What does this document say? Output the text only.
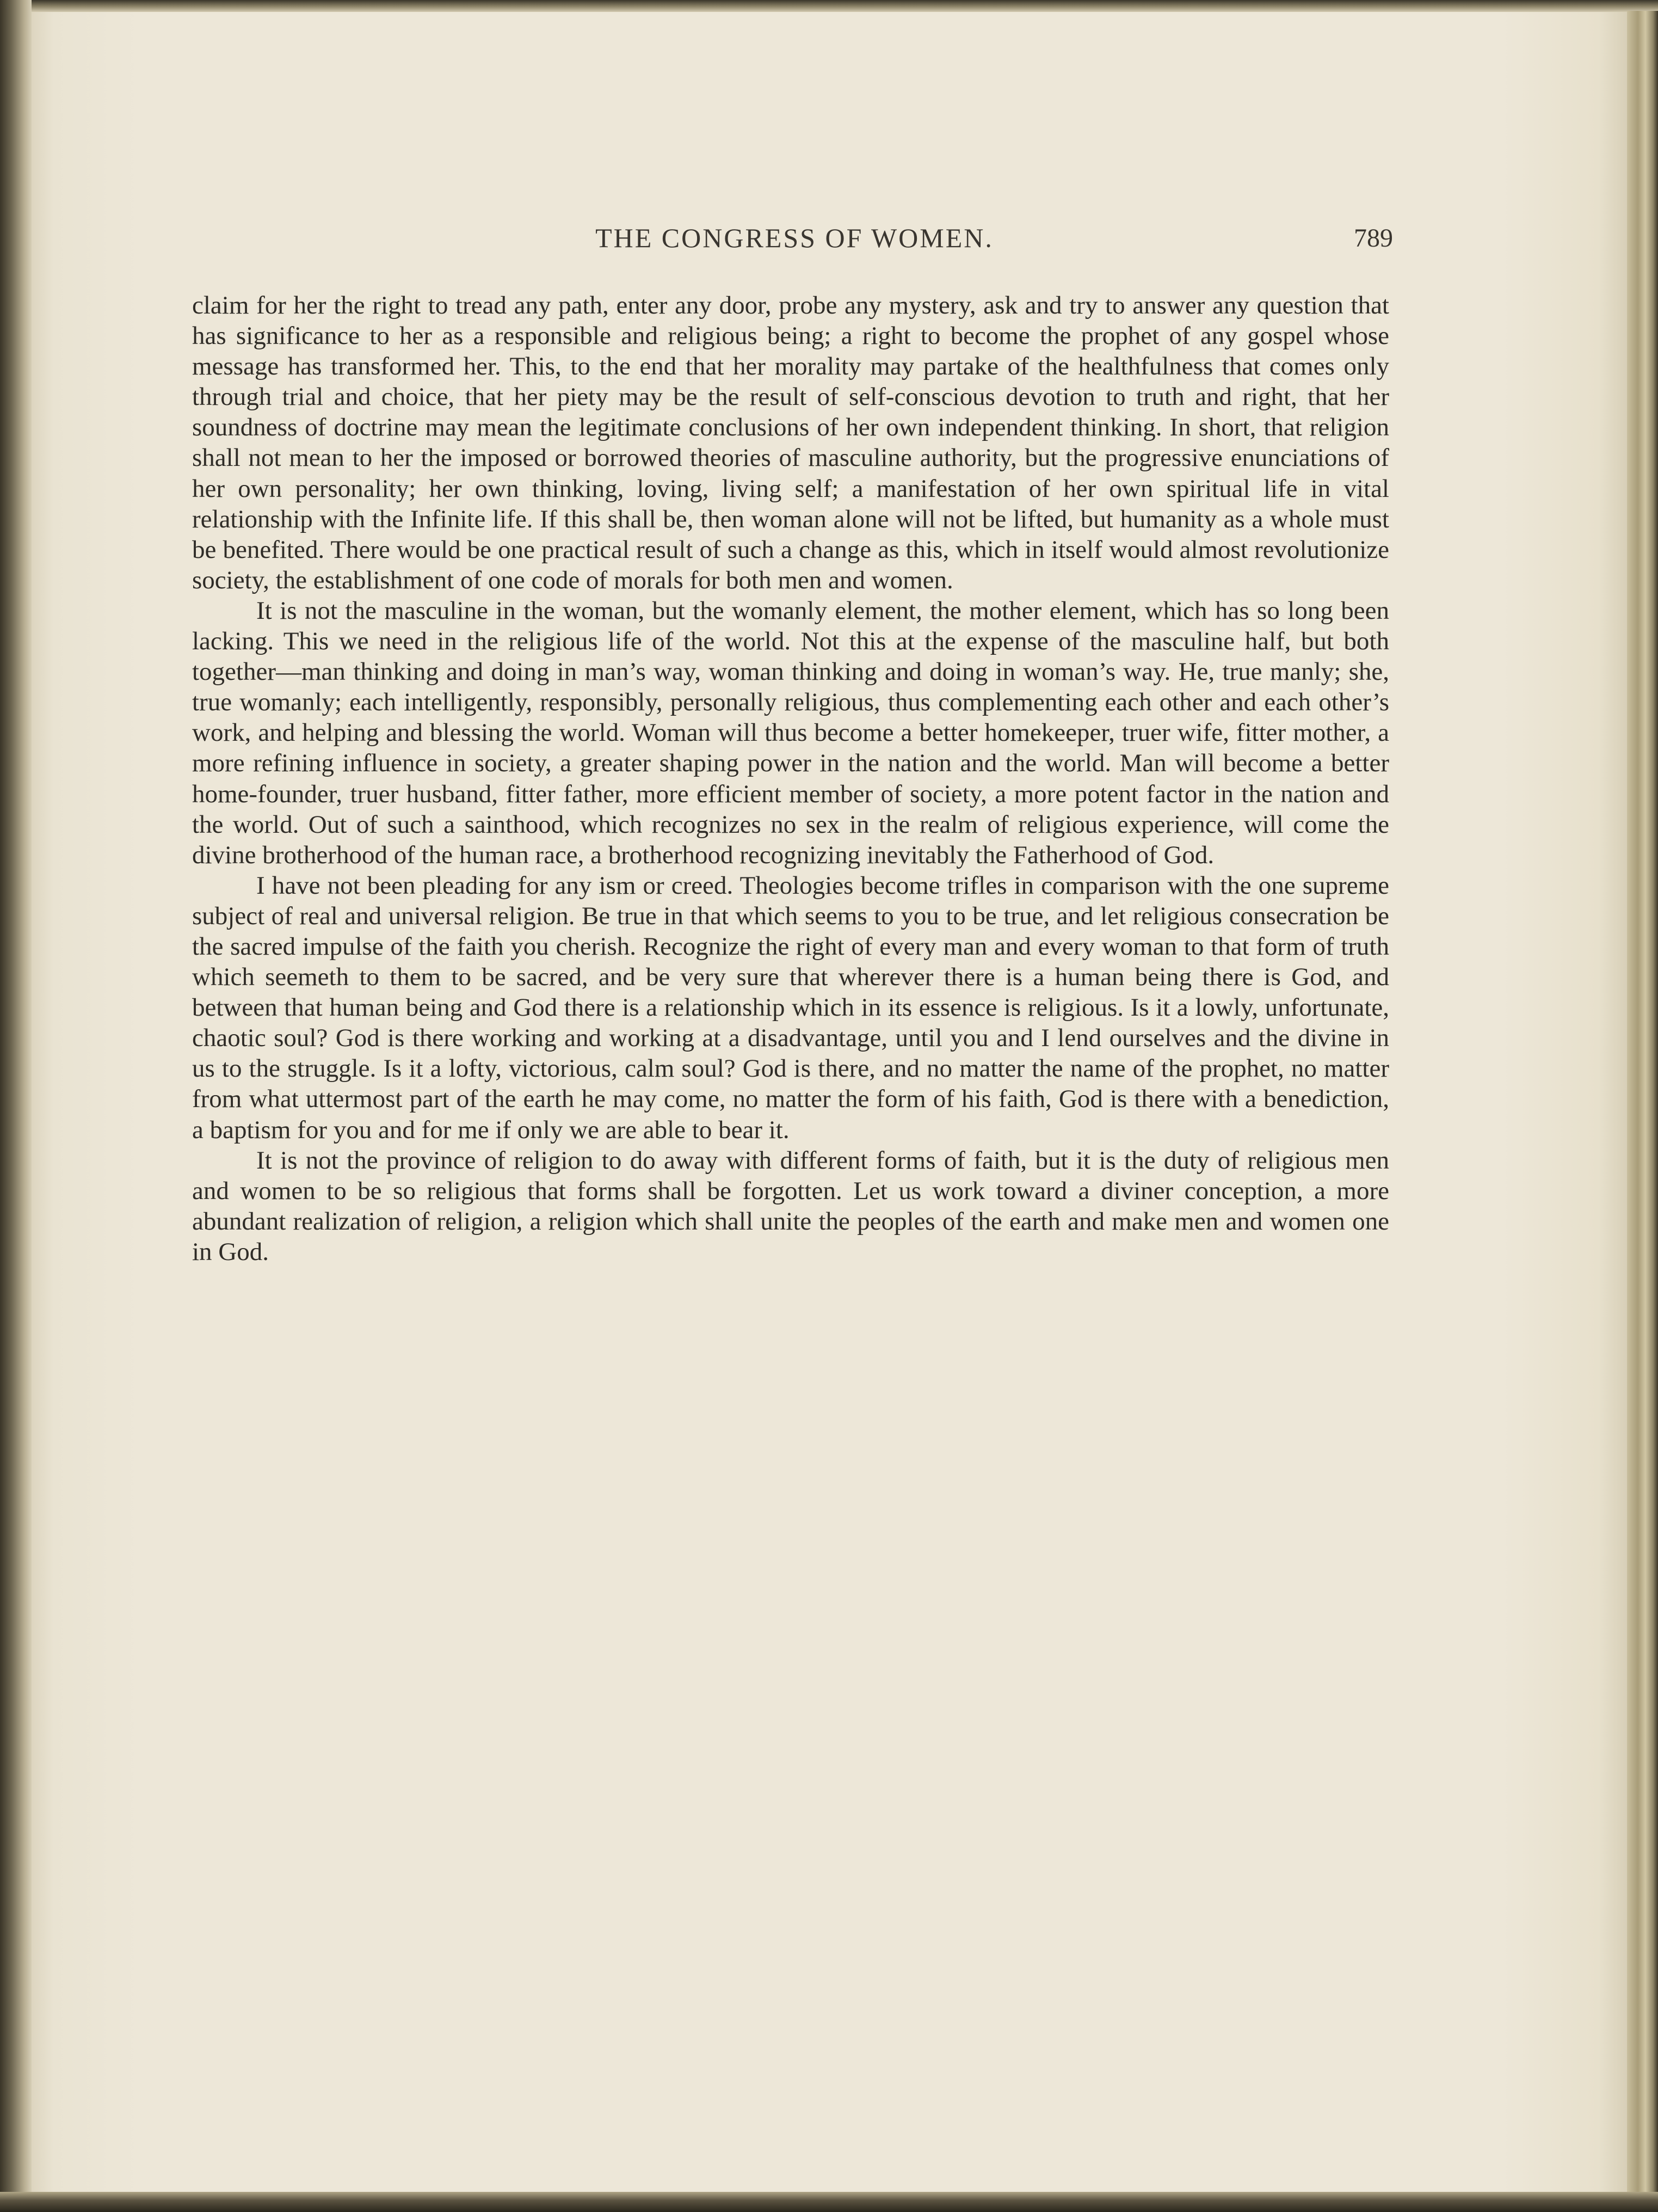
THE CONGRESS OF WOMEN.	789

claim for her the right to tread any path, enter any door, probe any mystery, ask and try to answer any question that has significance to her as a responsible and religious being; a right to become the prophet of any gospel whose message has transformed her. This, to the end that her morality may partake of the healthfulness that comes only through trial and choice, that her piety may be the result of self-conscious devotion to truth and right, that her soundness of doctrine may mean the legitimate conclusions of her own independent thinking. In short, that religion shall not mean to her the imposed or borrowed theories of masculine authority, but the progressive enunciations of her own personality; her own thinking, loving, living self; a manifestation of her own spiritual life in vital relationship with the Infinite life. If this shall be, then woman alone will not be lifted, but humanity as a whole must be benefited. There would be one practical result of such a change as this, which in itself would almost revolutionize society, the establishment of one code of morals for both men and women.

It is not the masculine in the woman, but the womanly element, the mother element, which has so long been lacking. This we need in the religious life of the world. Not this at the expense of the masculine half, but both together—man thinking and doing in man’s way, woman thinking and doing in woman’s way. He, true manly; she, true womanly; each intelligently, responsibly, personally religious, thus complementing each other and each other’s work, and helping and blessing the world. Woman will thus become a better homekeeper, truer wife, fitter mother, a more refining influence in society, a greater shaping power in the nation and the world. Man will become a better home-founder, truer husband, fitter father, more efficient member of society, a more potent factor in the nation and the world. Out of such a sainthood, which recognizes no sex in the realm of religious experience, will come the divine brotherhood of the human race, a brotherhood recognizing inevitably the Fatherhood of God.

I have not been pleading for any ism or creed. Theologies become trifles in comparison with the one supreme subject of real and universal religion. Be true in that which seems to you to be true, and let religious consecration be the sacred impulse of the faith you cherish. Recognize the right of every man and every woman to that form of truth which seemeth to them to be sacred, and be very sure that wherever there is a human being there is God, and between that human being and God there is a relationship which in its essence is religious. Is it a lowly, unfortunate, chaotic soul? God is there working and working at a disadvantage, until you and I lend ourselves and the divine in us to the struggle. Is it a lofty, victorious, calm soul? God is there, and no matter the name of the prophet, no matter from what uttermost part of the earth he may come, no matter the form of his faith, God is there with a benediction, a baptism for you and for me if only we are able to bear it.

It is not the province of religion to do away with different forms of faith, but it is the duty of religious men and women to be so religious that forms shall be forgotten. Let us work toward a diviner conception, a more abundant realization of religion, a religion which shall unite the peoples of the earth and make men and women one in God.
